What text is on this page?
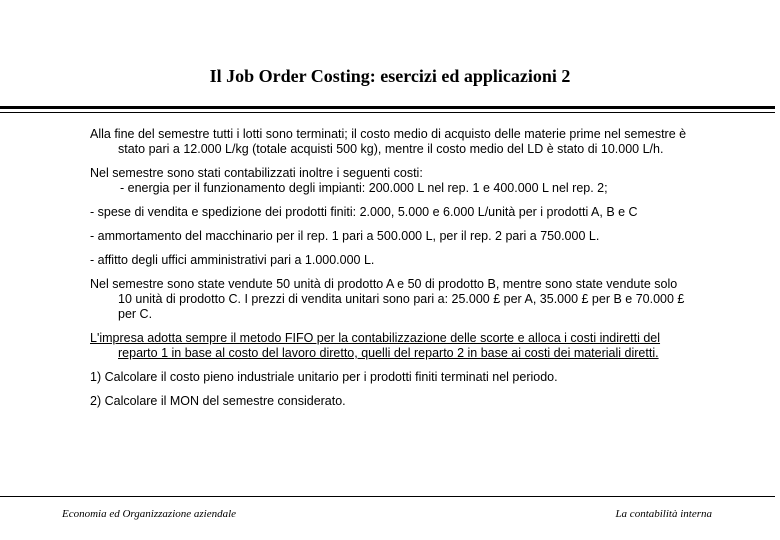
Il Job Order Costing: esercizi ed applicazioni 2

Alla fine del semestre tutti i lotti sono terminati; il costo medio di acquisto delle materie prime nel semestre è stato pari a 12.000 L/kg (totale acquisti 500 kg), mentre il costo medio del LD è stato di 10.000 L/h.

Nel semestre sono stati contabilizzati inoltre i seguenti costi:

- energia per il funzionamento degli impianti: 200.000 L nel rep. 1 e 400.000 L nel rep. 2;

- spese di vendita e spedizione dei prodotti finiti: 2.000, 5.000 e 6.000 L/unità per i prodotti A, B e C

- ammortamento del macchinario per il rep. 1 pari a 500.000 L, per il rep. 2 pari a 750.000 L.

- affitto degli uffici amministrativi pari a 1.000.000 L.

Nel semestre sono state vendute 50 unità di prodotto A e 50 di prodotto B, mentre sono state vendute solo 10 unità di prodotto C. I prezzi di vendita unitari sono pari a: 25.000 £ per A, 35.000 £ per B e 70.000 £ per C.

L'impresa adotta sempre il metodo FIFO per la contabilizzazione delle scorte e alloca i costi indiretti del reparto 1 in base al costo del lavoro diretto, quelli del reparto 2 in base ai costi dei materiali diretti.

1) Calcolare il costo pieno industriale unitario per i prodotti finiti terminati nel periodo.

2) Calcolare il MON del semestre considerato.

Economia ed Organizzazione aziendale	La contabilità interna
